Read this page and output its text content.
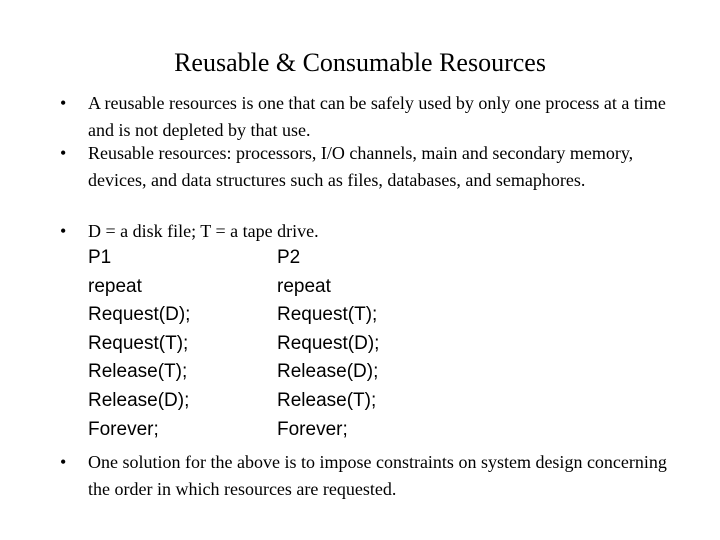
Reusable & Consumable Resources
• A reusable resources is one that can be safely used by only one process at a time and is not depleted by that use.
• Reusable resources: processors, I/O channels, main and secondary memory, devices, and data structures such as files, databases, and semaphores.
• D = a disk file; T = a tape drive.
P1
repeat
Request(D);
Request(T);
Release(T);
Release(D);
Forever;
P2
repeat
Request(T);
Request(D);
Release(D);
Release(T);
Forever;
• One solution for the above is to impose constraints on system design concerning the order in which resources are requested.
